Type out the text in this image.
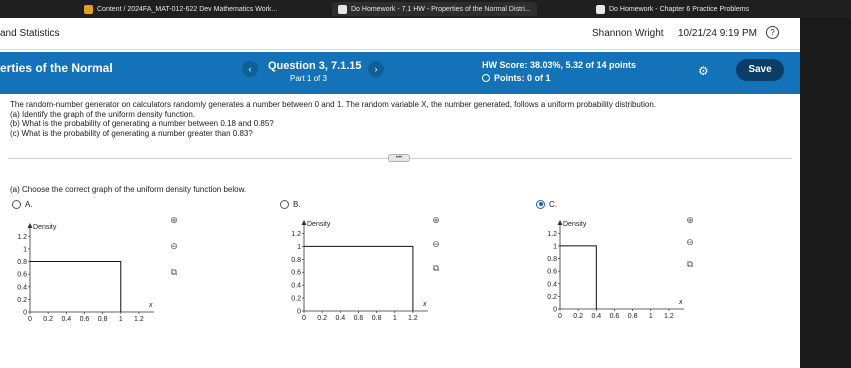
Content / 2024FA_MAT-012-622 Dev Mathematics Work...	Do Homework - 7.1 HW - Properties of the Normal Distri...	Do Homework - Chapter 6 Practice Problems
and Statistics	Shannon Wright 10/21/24 9:19 PM	?
erties of the Normal	‹	Question 3, 7.1.15
Part 1 of 3
›	HW Score: 38.03%, 5.32 of 14 points
Points: 0 of 1	⚙	Save
The random-number generator on calculators randomly generates a number between 0 and 1. The random variable X, the number generated, follows a uniform probability distribution.
(a) Identify the graph of the uniform density function.
(b) What is the probability of generating a number between 0.18 and 0.85?
(c) What is the probability of generating a number greater than 0.83?
•••
(a) Choose the correct graph of the uniform density function below.
A.	B.	C.
Density
x
1.2
1
0.8
0.6
0.4
0.2
0
0 0.2 0.4 0.6 0.8 1 1.2
Density
x
1.2
1
0.8
0.6
0.4
0.2
0
0 0.2 0.4 0.6 0.8 1 1.2
Density
x
1.2
1
0.8
0.6
0.4
0.2
0
0 0.2 0.4 0.6 0.8 1 1.2
⊕
⊖
⧉
⊕
⊖
⧉
⊕
⊖
⧉
